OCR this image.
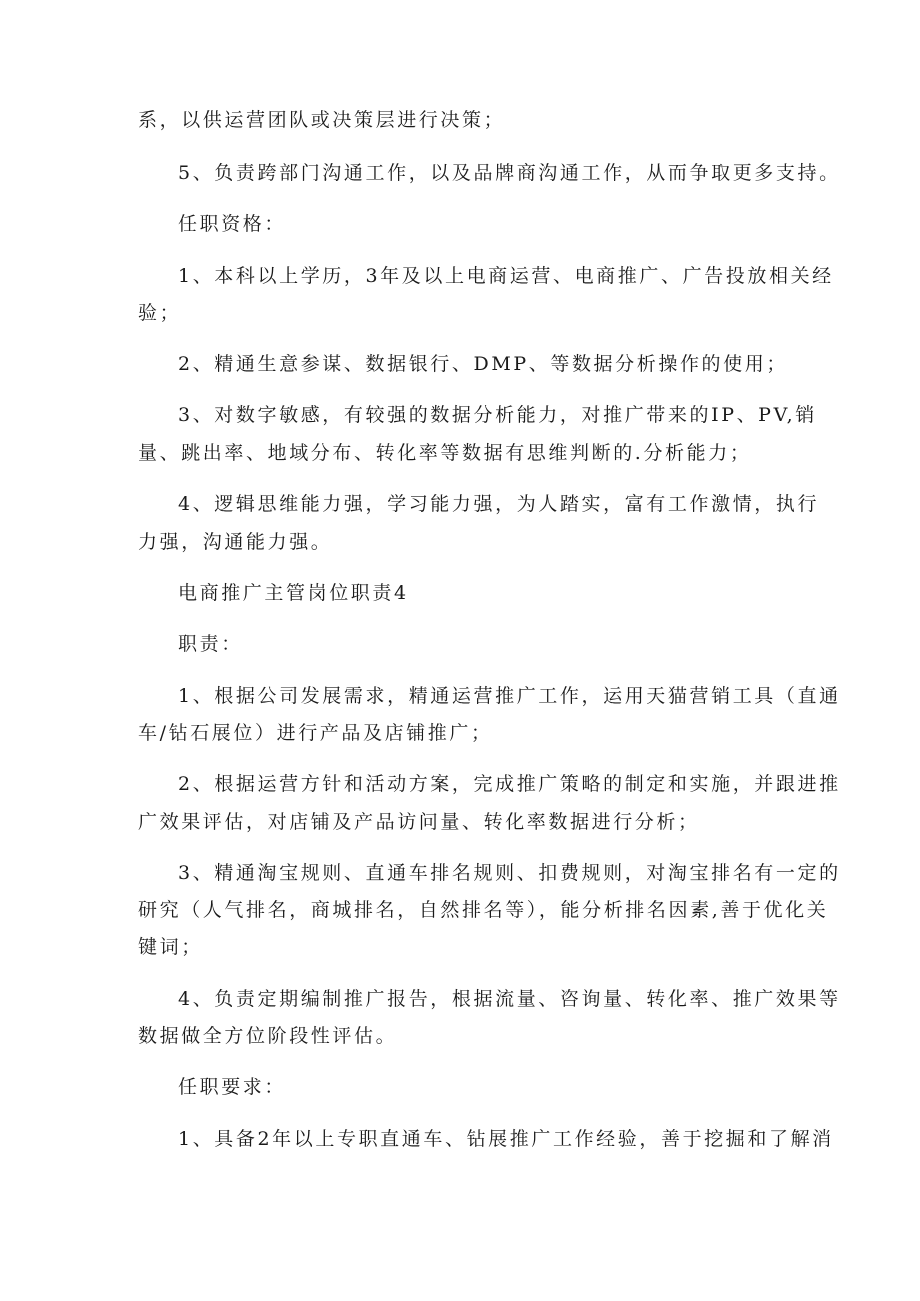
系，以供运营团队或决策层进行决策；
5、负责跨部门沟通工作，以及品牌商沟通工作，从而争取更多支持。
任职资格：
1、本科以上学历，3年及以上电商运营、电商推广、广告投放相关经
验；
2、精通生意参谋、数据银行、DMP、等数据分析操作的使用；
3、对数字敏感，有较强的数据分析能力，对推广带来的IP、PV,销
量、跳出率、地域分布、转化率等数据有思维判断的.分析能力；
4、逻辑思维能力强，学习能力强，为人踏实，富有工作激情，执行
力强，沟通能力强。
电商推广主管岗位职责4
职责：
1、根据公司发展需求，精通运营推广工作，运用天猫营销工具（直通
车/钻石展位）进行产品及店铺推广；
2、根据运营方针和活动方案，完成推广策略的制定和实施，并跟进推
广效果评估，对店铺及产品访问量、转化率数据进行分析；
3、精通淘宝规则、直通车排名规则、扣费规则，对淘宝排名有一定的
研究（人气排名，商城排名，自然排名等），能分析排名因素,善于优化关
键词；
4、负责定期编制推广报告，根据流量、咨询量、转化率、推广效果等
数据做全方位阶段性评估。
任职要求：
1、具备2年以上专职直通车、钻展推广工作经验，善于挖掘和了解消
